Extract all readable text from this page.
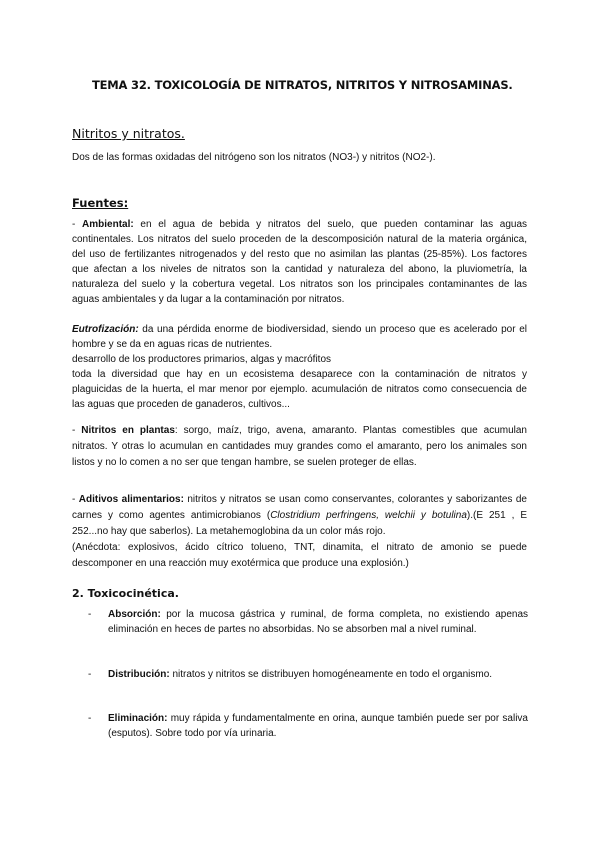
TEMA 32. TOXICOLOGÍA DE NITRATOS, NITRITOS Y NITROSAMINAS.
Nitritos y nitratos.
Dos de las formas oxidadas del nitrógeno son los nitratos (NO3-) y nitritos (NO2-).
Fuentes:
- Ambiental: en el agua de bebida y nitratos del suelo, que pueden contaminar las aguas continentales. Los nitratos del suelo proceden de la descomposición natural de la materia orgánica, del uso de fertilizantes nitrogenados y del resto que no asimilan las plantas (25-85%). Los factores que afectan a los niveles de nitratos son la cantidad y naturaleza del abono, la pluviometría, la naturaleza del suelo y la cobertura vegetal. Los nitratos son los principales contaminantes de las aguas ambientales y da lugar a la contaminación por nitratos.
Eutrofización: da una pérdida enorme de biodiversidad, siendo un proceso que es acelerado por el hombre y se da en aguas ricas de nutrientes.
desarrollo de los productores primarios, algas y macrófitos
toda la diversidad que hay en un ecosistema desaparece con la contaminación de nitratos y plaguicidas de la huerta, el mar menor por ejemplo. acumulación de nitratos como consecuencia de las aguas que proceden de ganaderos, cultivos...
- Nitritos en plantas: sorgo, maíz, trigo, avena, amaranto. Plantas comestibles que acumulan nitratos. Y otras lo acumulan en cantidades muy grandes como el amaranto, pero los animales son listos y no lo comen a no ser que tengan hambre, se suelen proteger de ellas.
- Aditivos alimentarios: nitritos y nitratos se usan como conservantes, colorantes y saborizantes de carnes y como agentes antimicrobianos (Clostridium perfringens, welchii y botulina).(E 251 , E 252...no hay que saberlos). La metahemoglobina da un color más rojo.
(Anécdota: explosivos, ácido cítrico tolueno, TNT, dinamita, el nitrato de amonio se puede descomponer en una reacción muy exotérmica que produce una explosión.)
2. Toxicocinética.
- Absorción: por la mucosa gástrica y ruminal, de forma completa, no existiendo apenas eliminación en heces de partes no absorbidas. No se absorben mal a nivel ruminal.
- Distribución: nitratos y nitritos se distribuyen homogéneamente en todo el organismo.
- Eliminación: muy rápida y fundamentalmente en orina, aunque también puede ser por saliva (esputos). Sobre todo por vía urinaria.
